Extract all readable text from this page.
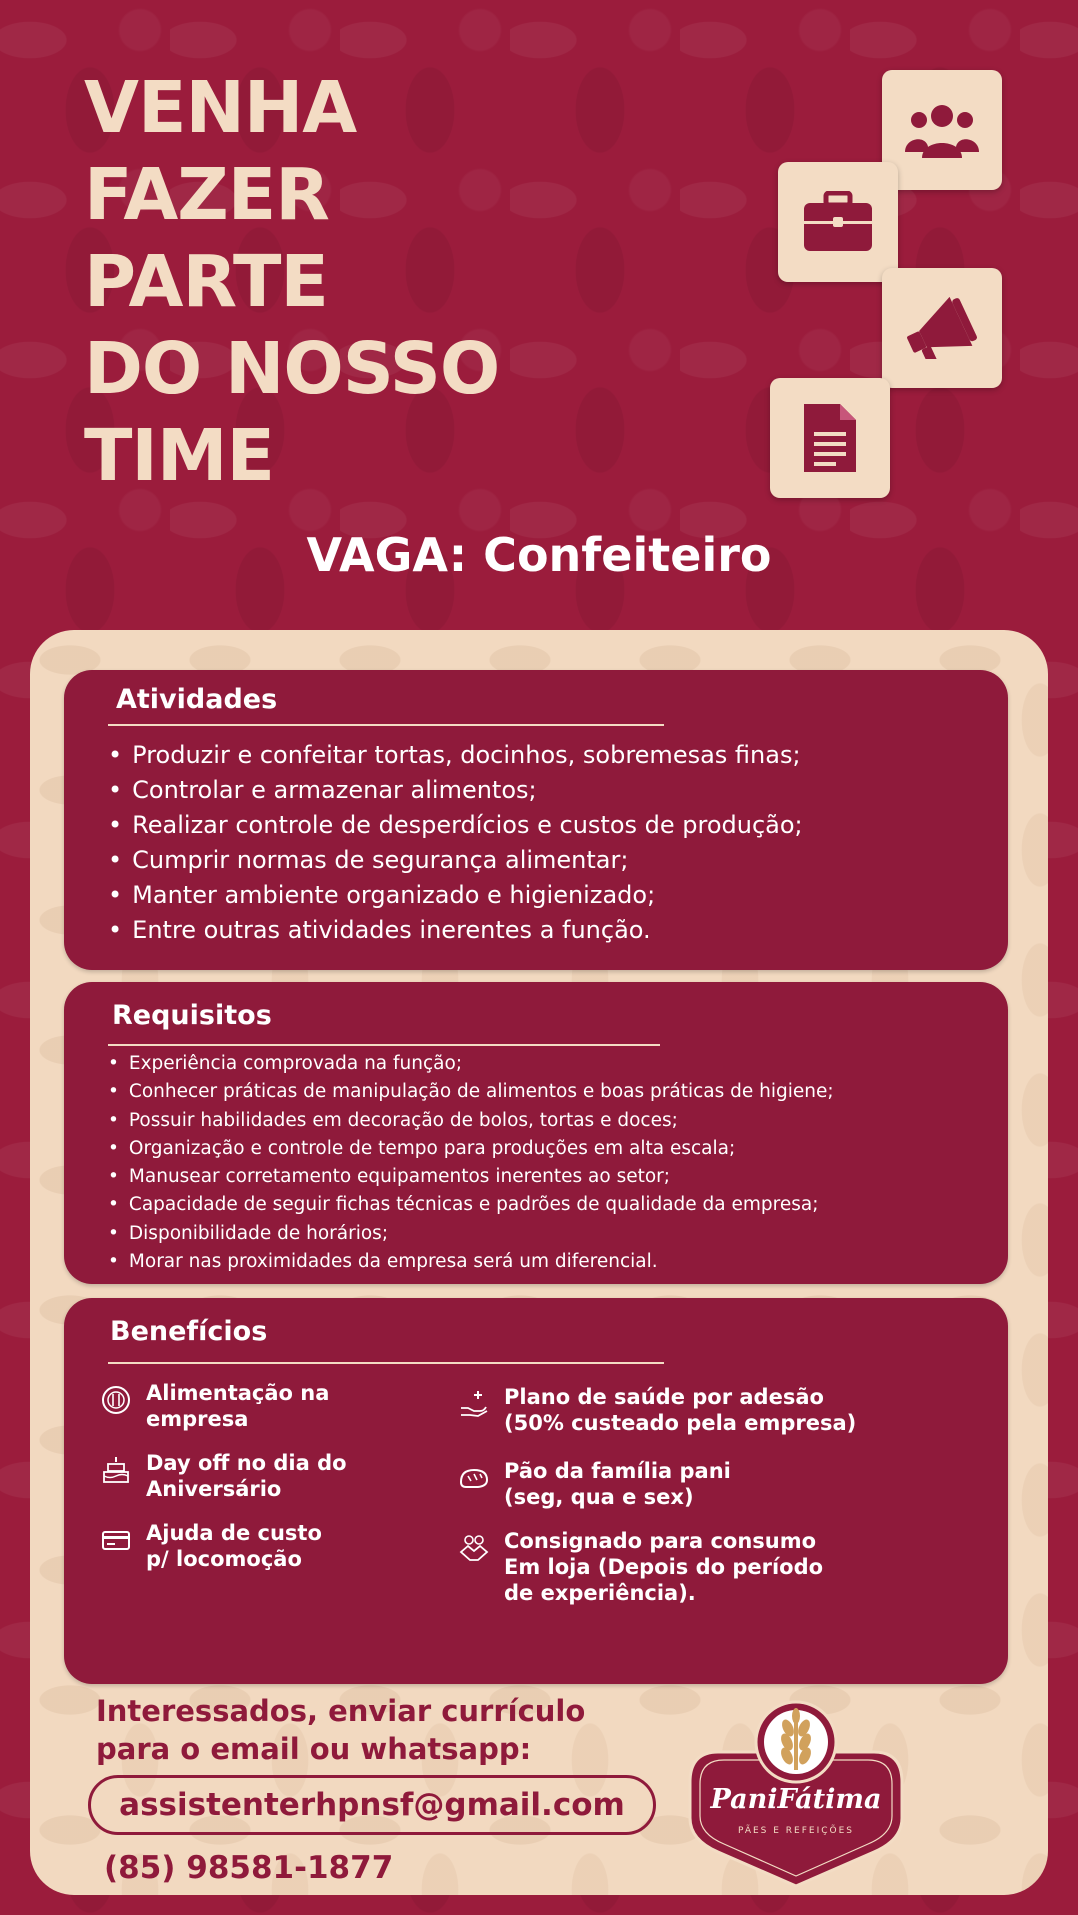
VENHA
FAZER
PARTE
DO NOSSO
TIME
VAGA: Confeiteiro
Atividades
• Produzir e confeitar tortas, docinhos, sobremesas finas;
• Controlar e armazenar alimentos;
• Realizar controle de desperdícios e custos de produção;
• Cumprir normas de segurança alimentar;
• Manter ambiente organizado e higienizado;
• Entre outras atividades inerentes a função.
Requisitos
• Experiência comprovada na função;
• Conhecer práticas de manipulação de alimentos e boas práticas de higiene;
• Possuir habilidades em decoração de bolos, tortas e doces;
• Organização e controle de tempo para produções em alta escala;
• Manusear corretamento equipamentos inerentes ao setor;
• Capacidade de seguir fichas técnicas e padrões de qualidade da empresa;
• Disponibilidade de horários;
• Morar nas proximidades da empresa será um diferencial.
Benefícios
Alimentação na
empresa
Day off no dia do
Aniversário
Ajuda de custo
p/ locomoção
Plano de saúde por adesão
(50% custeado pela empresa)
Pão da família pani
(seg, qua e sex)
Consignado para consumo
Em loja (Depois do período
de experiência).
Interessados, enviar currículo
para o email ou whatsapp:
assistenterhpnsf@gmail.com
(85) 98581-1877
PaniFátima
PÃES E REFEIÇÕES
